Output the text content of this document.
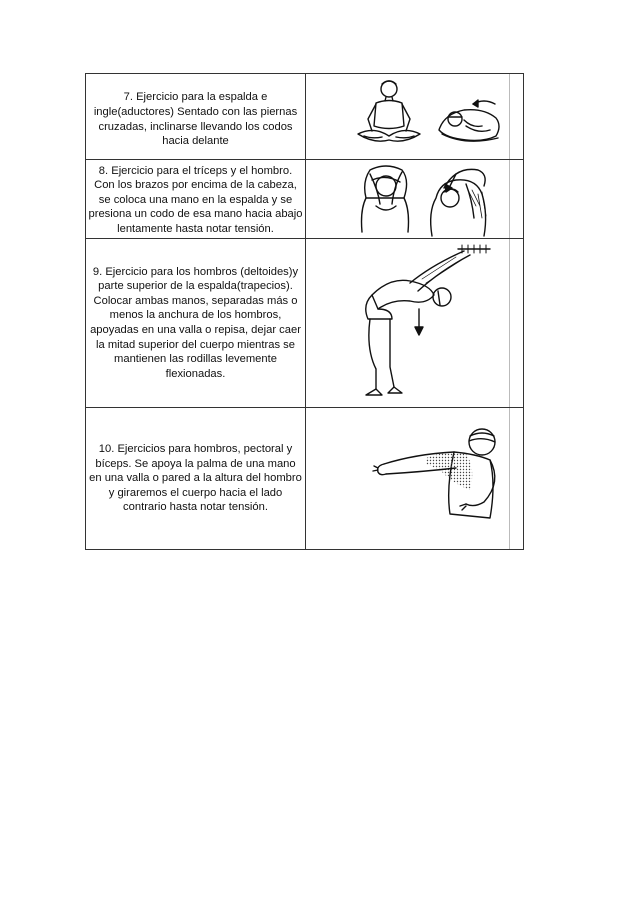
7. Ejercicio para la espalda e ingle(aductores) Sentado con las piernas cruzadas, inclinarse llevando los codos hacia delante

8. Ejercicio para el tríceps y el hombro. Con los brazos por encima de la cabeza, se coloca una mano en la espalda y se presiona un codo de esa mano hacia abajo lentamente hasta notar tensión.

9. Ejercicio para los hombros (deltoides)y parte superior de la espalda(trapecios). Colocar ambas manos, separadas más o menos la anchura de los hombros, apoyadas en una valla o repisa, dejar caer la mitad superior del cuerpo mientras se mantienen las rodillas levemente flexionadas.

10. Ejercicios para hombros, pectoral y bíceps. Se apoya la palma de una mano en una valla o pared a la altura del hombro y giraremos el cuerpo hacia el lado contrario hasta notar tensión.
